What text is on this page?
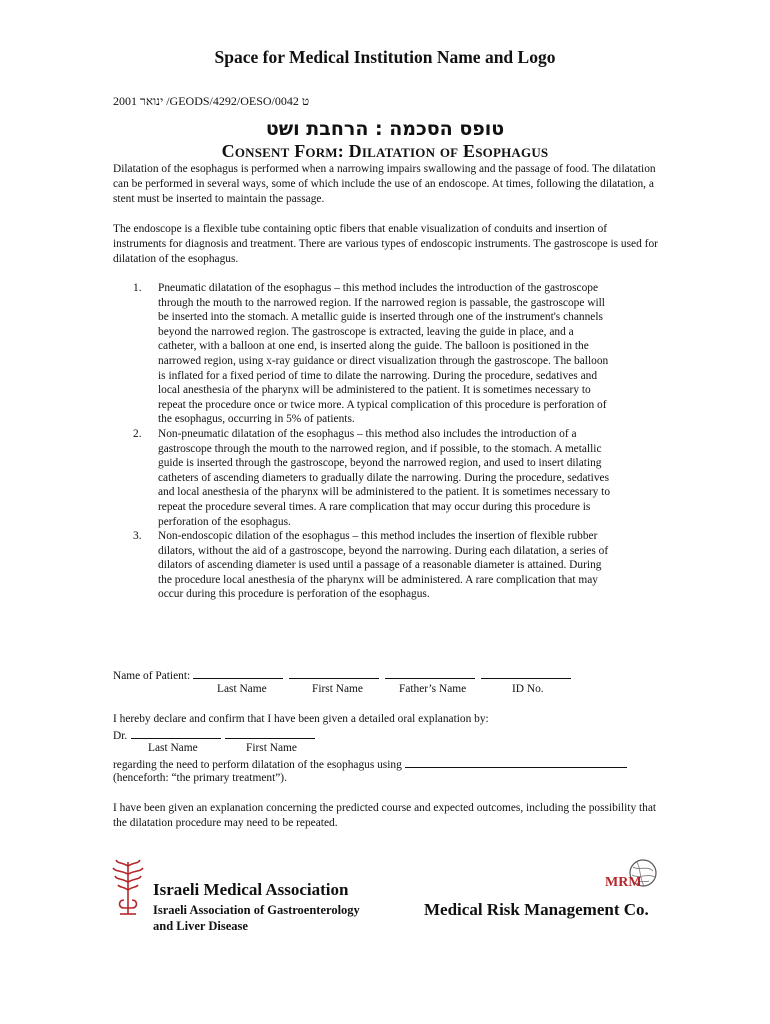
Space for Medical Institution Name and Logo
2001 ינואר /GEODS/4292/OESO/0042 ט
טופס הסכמה : הרחבת ושט
Consent Form: Dilatation of Esophagus

Dilatation of the esophagus is performed when a narrowing impairs swallowing and the passage of food. The dilatation can be performed in several ways, some of which include the use of an endoscope. At times, following the dilatation, a stent must be inserted to maintain the passage.

The endoscope is a flexible tube containing optic fibers that enable visualization of conduits and insertion of instruments for diagnosis and treatment. There are various types of endoscopic instruments. The gastroscope is used for dilatation of the esophagus.

1. Pneumatic dilatation of the esophagus – this method includes the introduction of the gastroscope through the mouth to the narrowed region. If the narrowed region is passable, the gastroscope will be inserted into the stomach. A metallic guide is inserted through one of the instrument's channels beyond the narrowed region. The gastroscope is extracted, leaving the guide in place, and a catheter, with a balloon at one end, is inserted along the guide. The balloon is positioned in the narrowed region, using x-ray guidance or direct visualization through the gastroscope. The balloon is inflated for a fixed period of time to dilate the narrowing. During the procedure, sedatives and local anesthesia of the pharynx will be administered to the patient. It is sometimes necessary to repeat the procedure once or twice more. A typical complication of this procedure is perforation of the esophagus, occurring in 5% of patients.
2. Non-pneumatic dilatation of the esophagus – this method also includes the introduction of a gastroscope through the mouth to the narrowed region, and if possible, to the stomach. A metallic guide is inserted through the gastroscope, beyond the narrowed region, and used to insert dilating catheters of ascending diameters to gradually dilate the narrowing. During the procedure, sedatives and local anesthesia of the pharynx will be administered to the patient. It is sometimes necessary to repeat the procedure several times. A rare complication that may occur during this procedure is perforation of the esophagus.
3. Non-endoscopic dilation of the esophagus – this method includes the insertion of flexible rubber dilators, without the aid of a gastroscope, beyond the narrowing. During each dilatation, a series of dilators of ascending diameter is used until a passage of a reasonable diameter is attained. During the procedure local anesthesia of the pharynx will be administered. A rare complication that may occur during this procedure is perforation of the esophagus.
Name of Patient:
Last Name	First Name	Father’s Name	ID No.
I hereby declare and confirm that I have been given a detailed oral explanation by:
Dr.
Last Name	First Name
regarding the need to perform dilatation of the esophagus using
(henceforth: “the primary treatment”).

I have been given an explanation concerning the predicted course and expected outcomes, including the possibility that the dilatation procedure may need to be repeated.

Israeli Medical Association
Israeli Association of Gastroenterology
and Liver Disease
MRM
Medical Risk Management Co.
